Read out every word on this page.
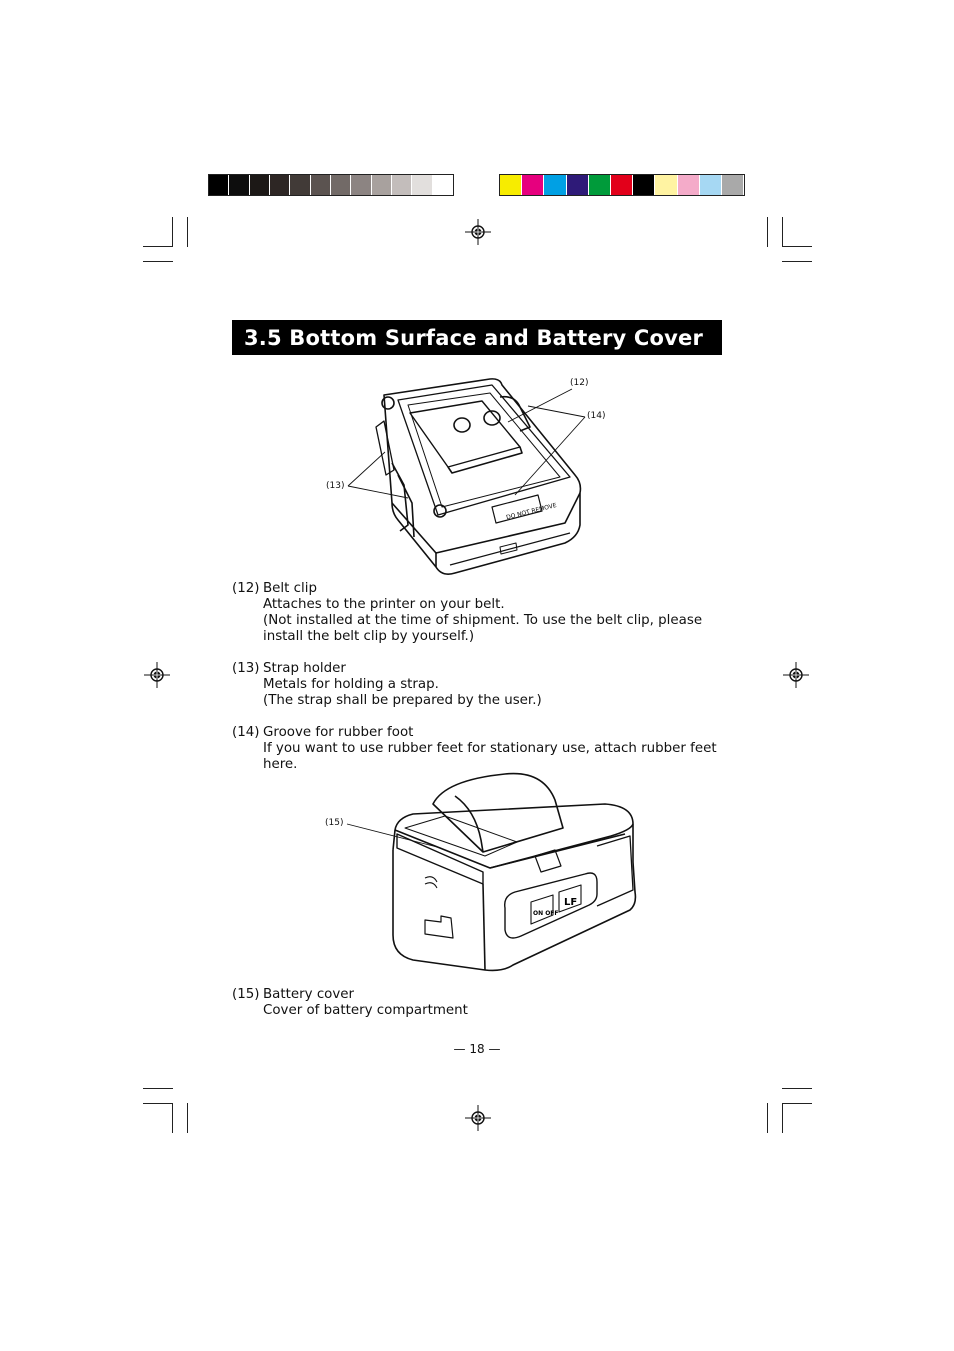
3.5 Bottom Surface and Battery Cover
DO NOT REMOVE
(12)
(14)
(13)
(12) Belt clip
Attaches to the printer on your belt.
(Not installed at the time of shipment. To use the belt clip, please
install the belt clip by yourself.)
(13) Strap holder
Metals for holding a strap.
(The strap shall be prepared by the user.)
(14) Groove for rubber foot
If you want to use rubber feet for stationary use, attach rubber feet
here.
ON OFF
LF
(15)
(15) Battery cover
Cover of battery compartment
— 18 —
